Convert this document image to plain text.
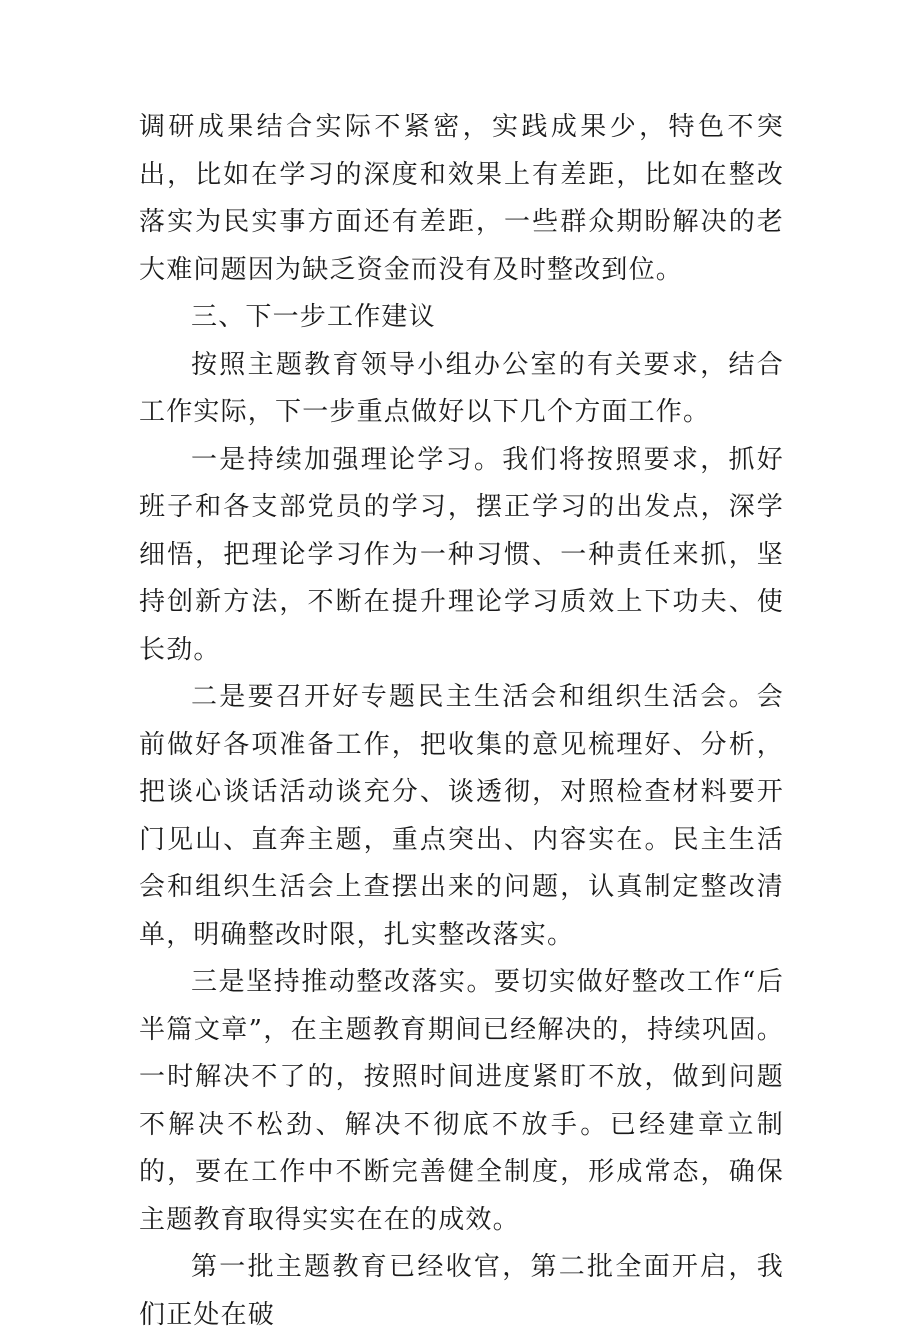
调研成果结合实际不紧密，实践成果少，特色不突出，比如在学习的深度和效果上有差距，比如在整改落实为民实事方面还有差距，一些群众期盼解决的老大难问题因为缺乏资金而没有及时整改到位。

三、下一步工作建议

按照主题教育领导小组办公室的有关要求，结合工作实际，下一步重点做好以下几个方面工作。

一是持续加强理论学习。我们将按照要求，抓好班子和各支部党员的学习，摆正学习的出发点，深学细悟，把理论学习作为一种习惯、一种责任来抓，坚持创新方法，不断在提升理论学习质效上下功夫、使长劲。

二是要召开好专题民主生活会和组织生活会。会前做好各项准备工作，把收集的意见梳理好、分析，把谈心谈话活动谈充分、谈透彻，对照检查材料要开门见山、直奔主题，重点突出、内容实在。民主生活会和组织生活会上查摆出来的问题，认真制定整改清单，明确整改时限，扎实整改落实。

三是坚持推动整改落实。要切实做好整改工作“后半篇文章”，在主题教育期间已经解决的，持续巩固。一时解决不了的，按照时间进度紧盯不放，做到问题不解决不松劲、解决不彻底不放手。已经建章立制的，要在工作中不断完善健全制度，形成常态，确保主题教育取得实实在在的成效。

第一批主题教育已经收官，第二批全面开启，我们正处在破
